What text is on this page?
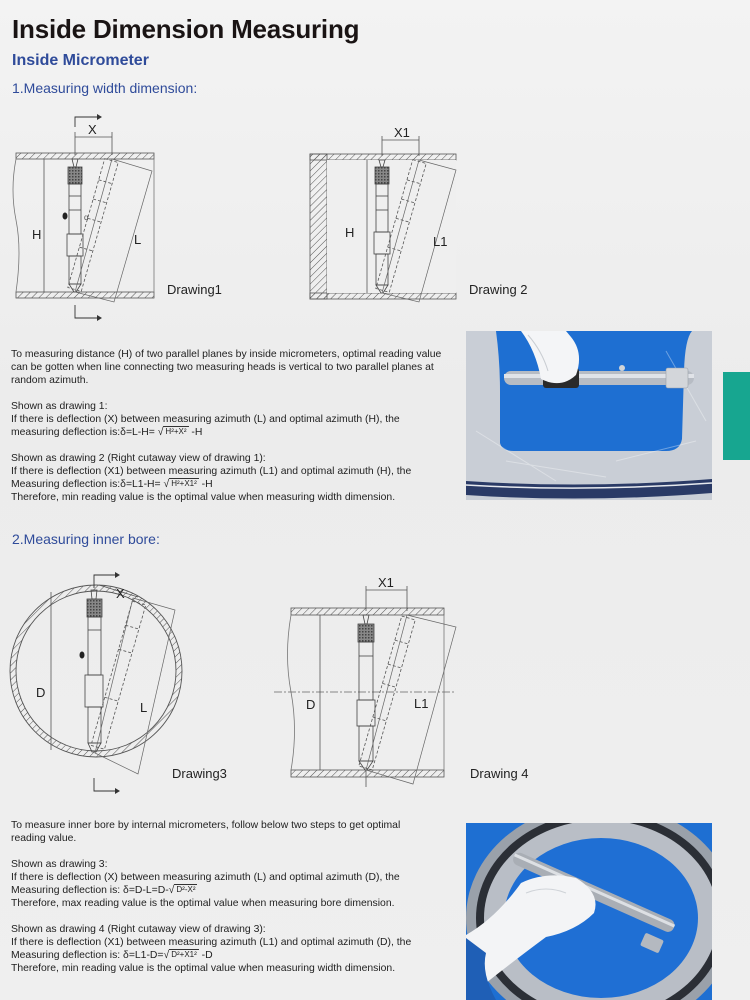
Inside Dimension Measuring
Inside Micrometer
1.Measuring width dimension:
H
X
ɑ
L
Drawing1
H
X1
L1
Drawing 2

To measuring distance (H) of two parallel planes by inside micrometers, optimal reading value

can be gotten when line connecting two measuring heads is vertical to two parallel planes at

random azimuth.

Shown as drawing 1:

If there is deflection (X) between measuring azimuth (L) and optimal azimuth (H), the

measuring deflection is:δ=L-H= √ H²+X² -H

Shown as drawing 2 (Right cutaway view of drawing 1):

If there is deflection (X1) between measuring azimuth (L1) and optimal azimuth (H), the

Measuring deflection is:δ=L1-H= √ H²+X1² -H

Therefore, min reading value is the optimal value when measuring width dimension.

2.Measuring inner bore:
D
X
L
Drawing3
D
X1
L1
Drawing 4

To measure inner bore by internal micrometers, follow below two steps to get optimal

reading value.

Shown as drawing 3:

If there is deflection (X) between measuring azimuth (L) and optimal azimuth (D), the

Measuring deflection is: δ=D-L=D-√ D²-X²

Therefore, max reading value is the optimal value when measuring bore dimension.

Shown as drawing 4 (Right cutaway view of drawing 3):

If there is deflection (X1) between measuring azimuth (L1) and optimal azimuth (D), the

Measuring deflection is: δ=L1-D=√ D²+X1² -D

Therefore, min reading value is the optimal value when measuring width dimension.
